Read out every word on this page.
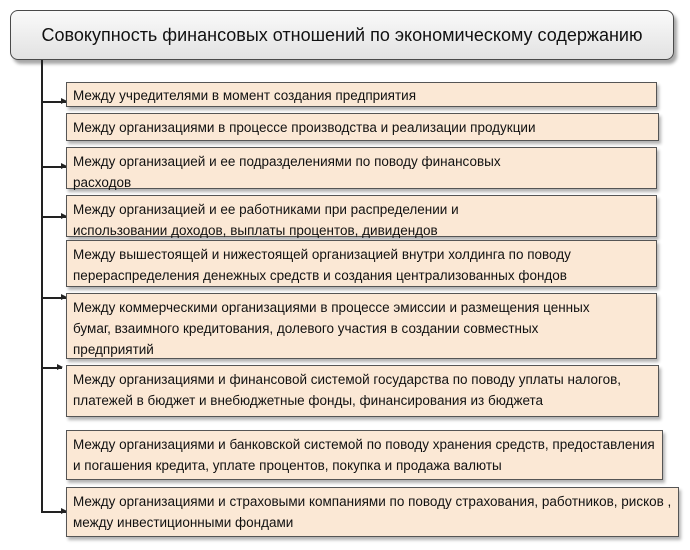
Совокупность финансовых отношений по экономическому содержанию
Между учредителями в момент создания предприятия
Между организациями в процессе производства и реализации продукции
Между организацией и ее подразделениями по поводу финансовых расходов
Между организацией и ее работниками при распределении и использовании доходов, выплаты процентов, дивидендов
Между вышестоящей и нижестоящей организацией внутри холдинга по поводу перераспределения денежных средств и создания централизованных фондов
Между коммерческими организациями в процессе эмиссии и размещения ценных бумаг, взаимного кредитования, долевого участия в создании совместных предприятий
Между организациями и финансовой системой государства по поводу уплаты налогов, платежей в бюджет и внебюджетные фонды, финансирования из бюджета
Между организациями и банковской системой по поводу хранения средств, предоставления и погашения кредита, уплате процентов, покупка и продажа валюты
Между организациями и страховыми компаниями по поводу страхования, работников, рисков , между инвестиционными фондами
